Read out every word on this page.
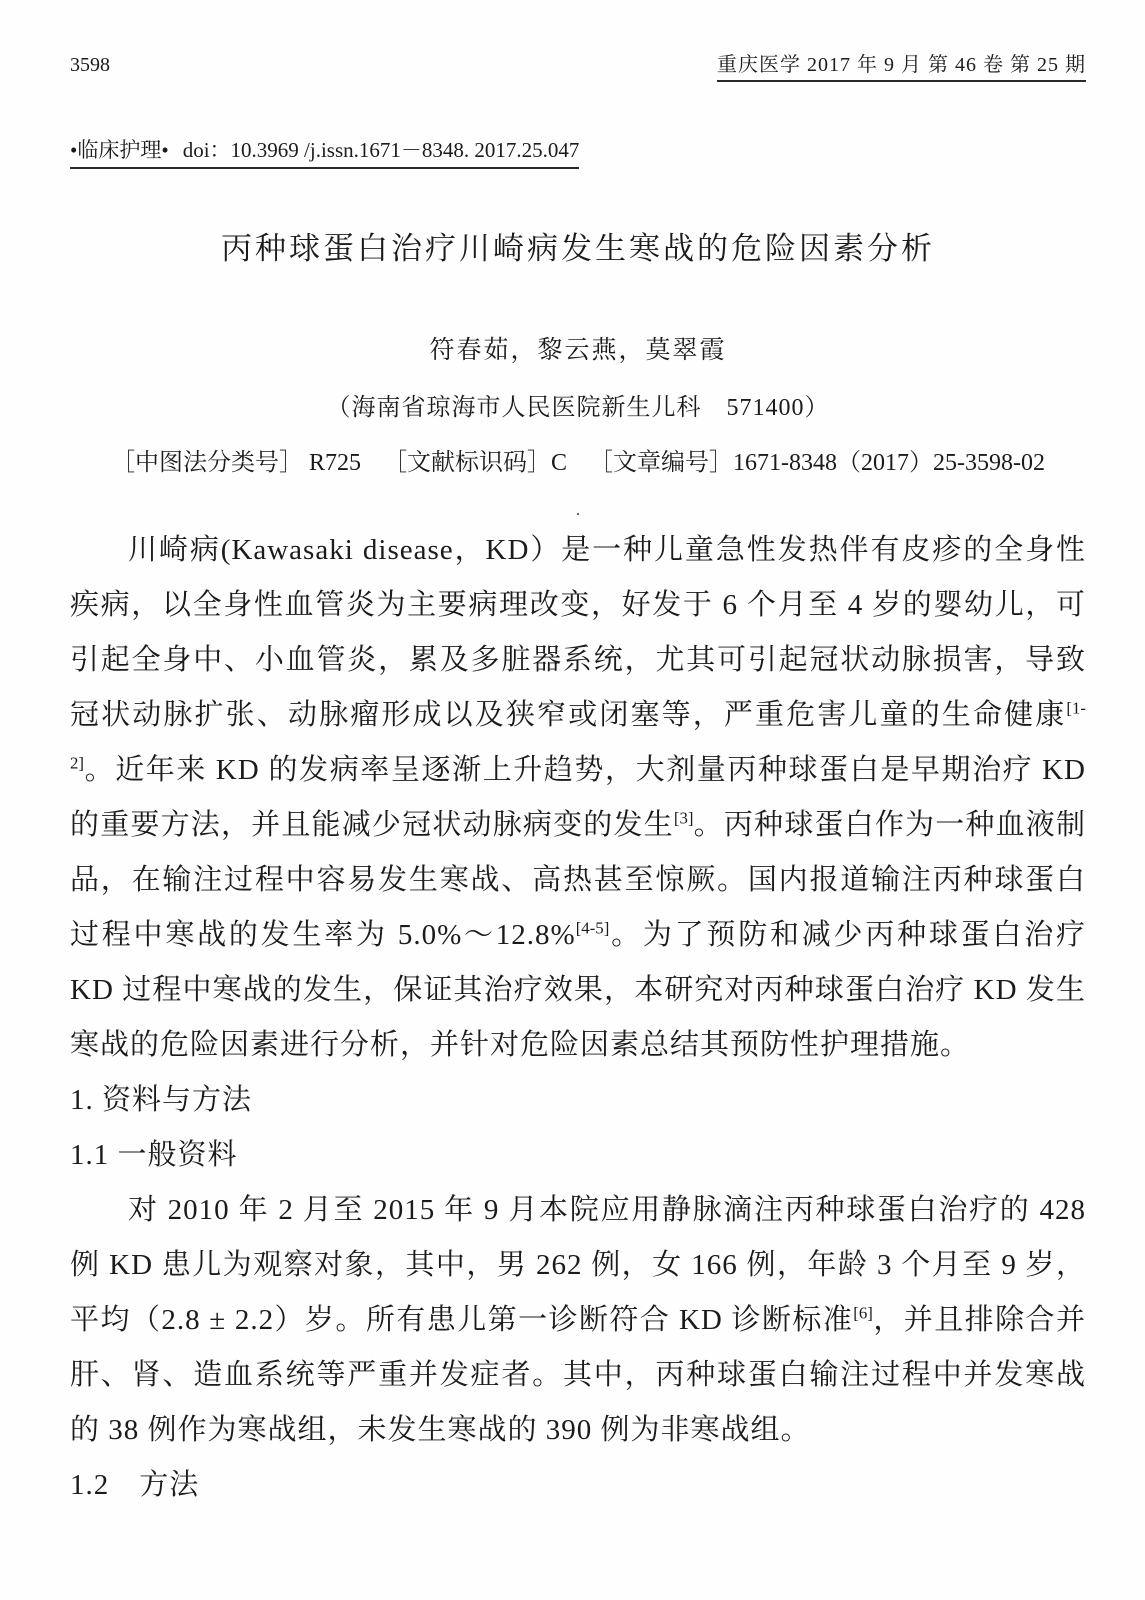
3598	重庆医学 2017 年 9 月 第 46 卷 第 25 期
•临床护理• doi：10.3969 /j.issn.1671－8348. 2017.25.047
丙种球蛋白治疗川崎病发生寒战的危险因素分析
符春茹，黎云燕，莫翠霞
（海南省琼海市人民医院新生儿科　571400）
［中图法分类号］ R725 ［文献标识码］C ［文章编号］1671-8348（2017）25-3598-02
.

川崎病(Kawasaki disease，KD）是一种儿童急性发热伴有皮疹的全身性疾病，以全身性血管炎为主要病理改变，好发于 6 个月至 4 岁的婴幼儿，可引起全身中、小血管炎，累及多脏器系统，尤其可引起冠状动脉损害，导致冠状动脉扩张、动脉瘤形成以及狭窄或闭塞等，严重危害儿童的生命健康[1-2]。近年来 KD 的发病率呈逐渐上升趋势，大剂量丙种球蛋白是早期治疗 KD 的重要方法，并且能减少冠状动脉病变的发生[3]。丙种球蛋白作为一种血液制品，在输注过程中容易发生寒战、高热甚至惊厥。国内报道输注丙种球蛋白过程中寒战的发生率为 5.0%～12.8%[4-5]。为了预防和减少丙种球蛋白治疗 KD 过程中寒战的发生，保证其治疗效果，本研究对丙种球蛋白治疗 KD 发生寒战的危险因素进行分析，并针对危险因素总结其预防性护理措施。

1. 资料与方法
1.1 一般资料

对 2010 年 2 月至 2015 年 9 月本院应用静脉滴注丙种球蛋白治疗的 428 例 KD 患儿为观察对象，其中，男 262 例，女 166 例，年龄 3 个月至 9 岁，平均（2.8 ± 2.2）岁。所有患儿第一诊断符合 KD 诊断标准[6]，并且排除合并肝、肾、造血系统等严重并发症者。其中，丙种球蛋白输注过程中并发寒战的 38 例作为寒战组，未发生寒战的 390 例为非寒战组。

1.2　方法
